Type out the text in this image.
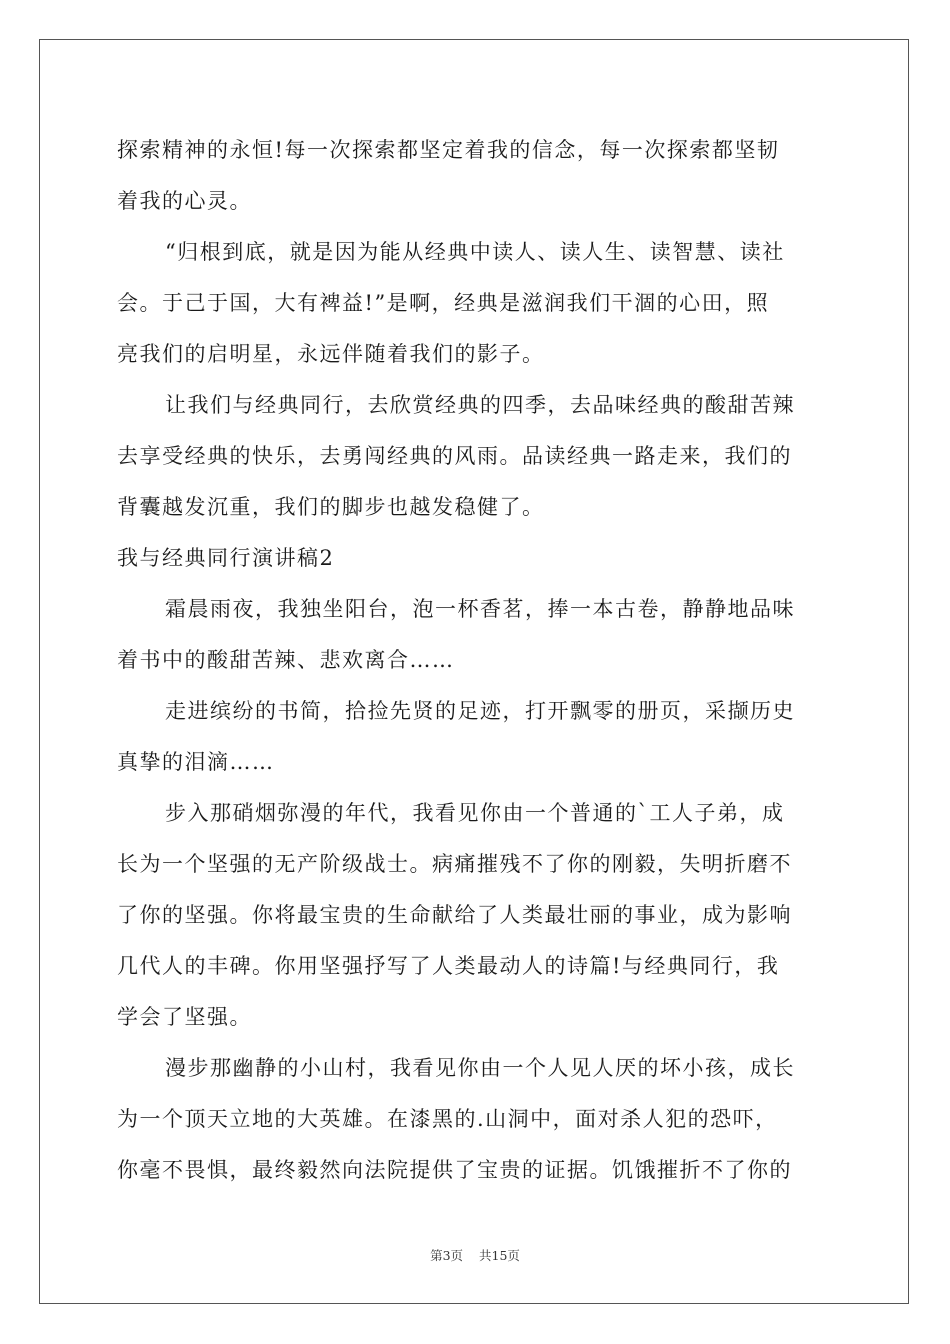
探索精神的永恒!每一次探索都坚定着我的信念，每一次探索都坚韧
着我的心灵。
“归根到底，就是因为能从经典中读人、读人生、读智慧、读社
会。于己于国，大有裨益!”是啊，经典是滋润我们干涸的心田，照
亮我们的启明星，永远伴随着我们的影子。
让我们与经典同行，去欣赏经典的四季，去品味经典的酸甜苦辣
去享受经典的快乐，去勇闯经典的风雨。品读经典一路走来，我们的
背囊越发沉重，我们的脚步也越发稳健了。
我与经典同行演讲稿2
霜晨雨夜，我独坐阳台，泡一杯香茗，捧一本古卷，静静地品味
着书中的酸甜苦辣、悲欢离合……
走进缤纷的书简，拾捡先贤的足迹，打开飘零的册页，采撷历史
真挚的泪滴……
步入那硝烟弥漫的年代，我看见你由一个普通的`工人子弟，成
长为一个坚强的无产阶级战士。病痛摧残不了你的刚毅，失明折磨不
了你的坚强。你将最宝贵的生命献给了人类最壮丽的事业，成为影响
几代人的丰碑。你用坚强抒写了人类最动人的诗篇!与经典同行，我
学会了坚强。
漫步那幽静的小山村，我看见你由一个人见人厌的坏小孩，成长
为一个顶天立地的大英雄。在漆黑的.山洞中，面对杀人犯的恐吓，
你毫不畏惧，最终毅然向法院提供了宝贵的证据。饥饿摧折不了你的
第3页 共15页
